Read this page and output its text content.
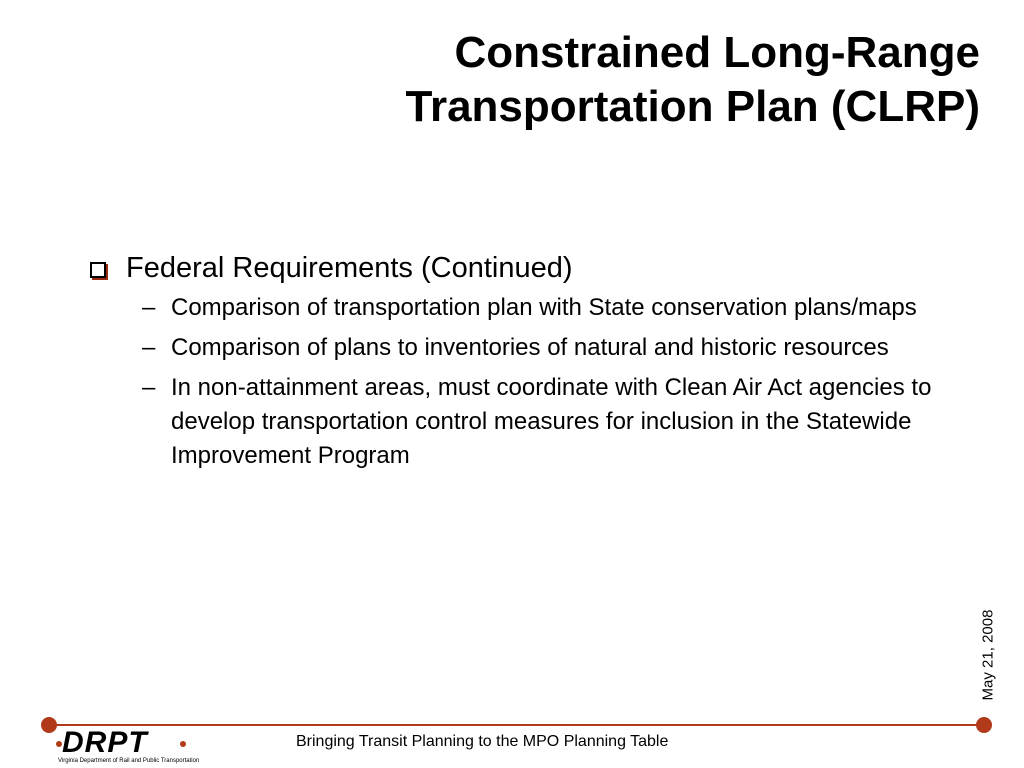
Constrained Long-Range
Transportation Plan (CLRP)
Federal Requirements (Continued)
– Comparison of transportation plan with State conservation plans/maps
– Comparison of plans to inventories of natural and historic resources
– In non-attainment areas, must coordinate with Clean Air Act agencies to develop transportation control measures for inclusion in the Statewide Improvement Program
May 21, 2008
DRPT
Virginia Department of Rail and Public Transportation
Bringing Transit Planning to the MPO Planning Table
